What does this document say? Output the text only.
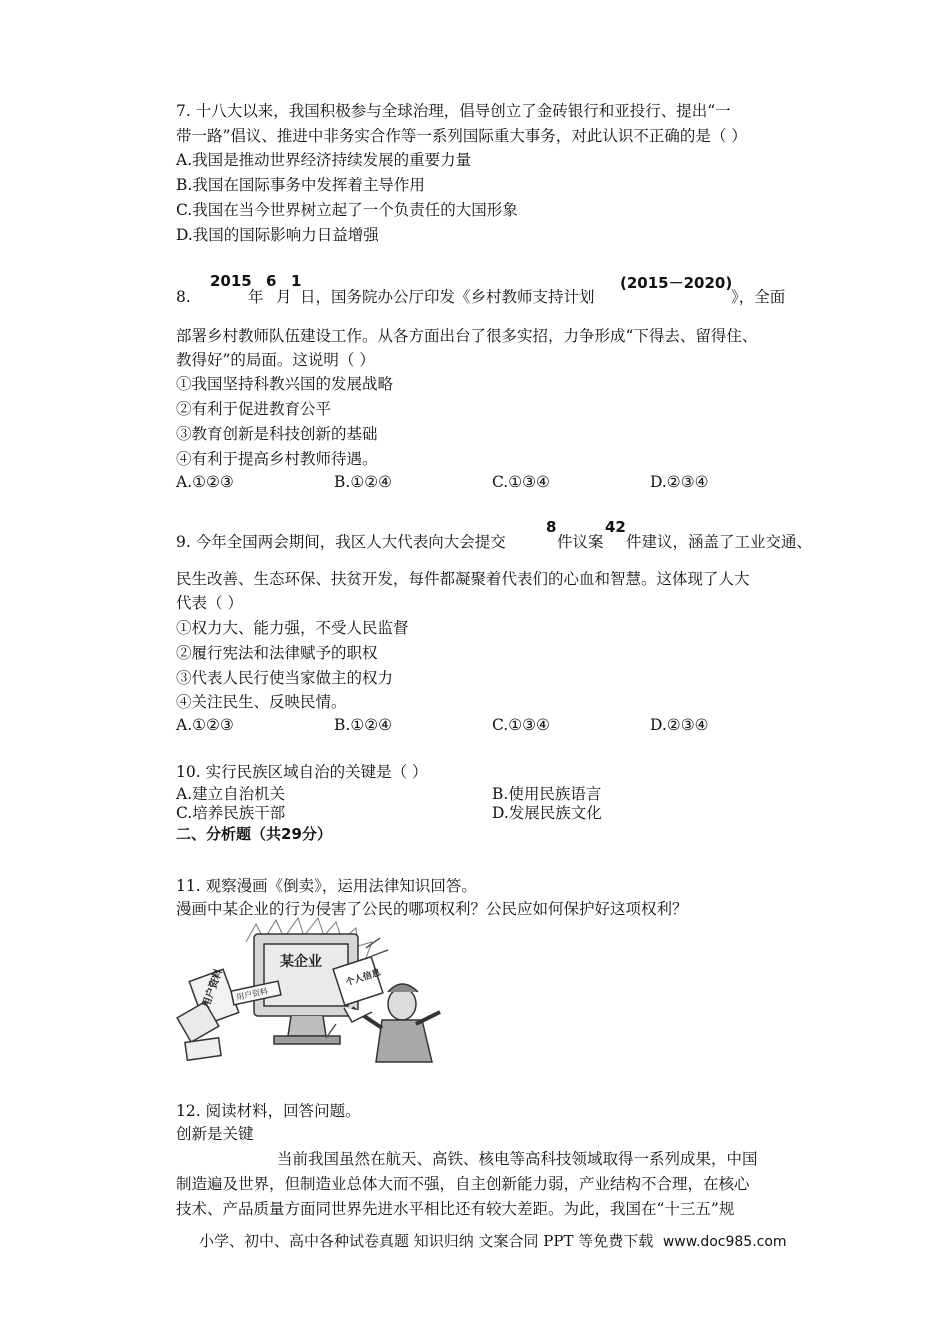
7. 十八大以来，我国积极参与全球治理，倡导创立了金砖银行和亚投行、提出“一
带一路”倡议、推进中非务实合作等一系列国际重大事务，对此认识不正确的是（ ）
A.我国是推动世界经济持续发展的重要力量
B.我国在国际事务中发挥着主导作用
C.我国在当今世界树立起了一个负责任的大国形象
D.我国的国际影响力日益增强
8.
2015
年
6
月
1
日，国务院办公厅印发《乡村教师支持计划
(2015－2020)
》，全面
部署乡村教师队伍建设工作。从各方面出台了很多实招，力争形成“下得去、留得住、
教得好”的局面。这说明（ ）
①我国坚持科教兴国的发展战略
②有利于促进教育公平
③教育创新是科技创新的基础
④有利于提高乡村教师待遇。
A.①②③	B.①②④	C.①③④	D.②③④
9. 今年全国两会期间，我区人大代表向大会提交
8
件议案
42
件建议，涵盖了工业交通、
民生改善、生态环保、扶贫开发，每件都凝聚着代表们的心血和智慧。这体现了人大
代表（ ）
①权力大、能力强，不受人民监督
②履行宪法和法律赋予的职权
③代表人民行使当家做主的权力
④关注民生、反映民情。
A.①②③	B.①②④	C.①③④	D.②③④
10. 实行民族区域自治的关键是（ ）
A.建立自治机关	B.使用民族语言
C.培养民族干部	D.发展民族文化
二、分析题（共29分）
11. 观察漫画《倒卖》，运用法律知识回答。
漫画中某企业的行为侵害了公民的哪项权利？公民应如何保护好这项权利？
某企业
个人信息
用户资料 用户资料
12. 阅读材料，回答问题。
创新是关键
当前我国虽然在航天、高铁、核电等高科技领域取得一系列成果，中国
制造遍及世界，但制造业总体大而不强，自主创新能力弱，产业结构不合理，在核心
技术、产品质量方面同世界先进水平相比还有较大差距。为此，我国在“十三五”规
小学、初中、高中各种试卷真题 知识归纳 文案合同 PPT 等免费下载 www.doc985.com
